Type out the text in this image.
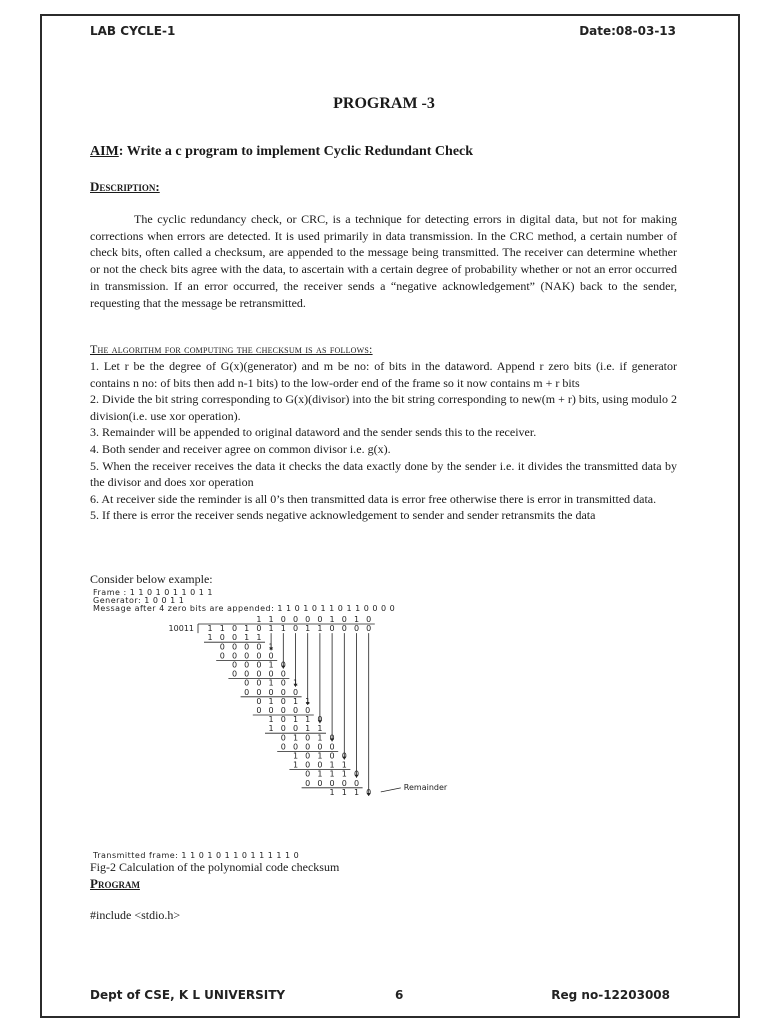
LAB CYCLE-1	Date:08-03-13
PROGRAM -3
AIM: Write a c program to implement Cyclic Redundant Check
Description:
The cyclic redundancy check, or CRC, is a technique for detecting errors in digital data, but not for making corrections when errors are detected. It is used primarily in data transmission. In the CRC method, a certain number of check bits, often called a checksum, are appended to the message being transmitted. The receiver can determine whether or not the check bits agree with the data, to ascertain with a certain degree of probability whether or not an error occurred in transmission. If an error occurred, the receiver sends a “negative acknowledgement” (NAK) back to the sender, requesting that the message be retransmitted.
The algorithm for computing the checksum is as follows:

1. Let r be the degree of G(x)(generator) and m be no: of bits in the dataword. Append r zero bits (i.e. if generator contains n no: of bits then add n-1 bits) to the low-order end of the frame so it now contains m + r bits

2. Divide the bit string corresponding to G(x)(divisor) into the bit string corresponding to new(m + r) bits, using modulo 2 division(i.e. use xor operation).

3. Remainder will be appended to original dataword and the sender sends this to the receiver.

4. Both sender and receiver agree on common divisor i.e. g(x).

5. When the receiver receives the data it checks the data exactly done by the sender i.e. it divides the transmitted data by the divisor and does xor operation

6. At receiver side the reminder is all 0’s then transmitted data is error free otherwise there is error in transmitted data.

5. If there is error the receiver sends negative acknowledgement to sender and sender retransmits the data

Consider below example:
Frame : 1 1 0 1 0 1 1 0 1 1
Generator: 1 0 0 1 1
Message after 4 zero bits are appended: 1 1 0 1 0 1 1 0 1 1 0 0 0 0
1 1 0 0 0 0 1 0 1 0
10011 1 1 0 1 0 1 1 0 1 1 0 0 0 0
1 0 0 1 1
0 0 0 0 1
0 0 0 0 0
0 0 0 1 0
0 0 0 0 0
0 0 1 0 1
0 0 0 0 0
0 1 0 1 1
0 0 0 0 0
1 0 1 1 0
1 0 0 1 1
0 1 0 1 0
0 0 0 0 0
1 0 1 0 0
1 0 0 1 1
0 1 1 1 0
0 0 0 0 0
1 1 1 0
Remainder
Transmitted frame: 1 1 0 1 0 1 1 0 1 1 1 1 1 0
Fig-2 Calculation of the polynomial code checksum
Program
#include <stdio.h>
Dept of CSE, K L UNIVERSITY	6	Reg no-12203008
